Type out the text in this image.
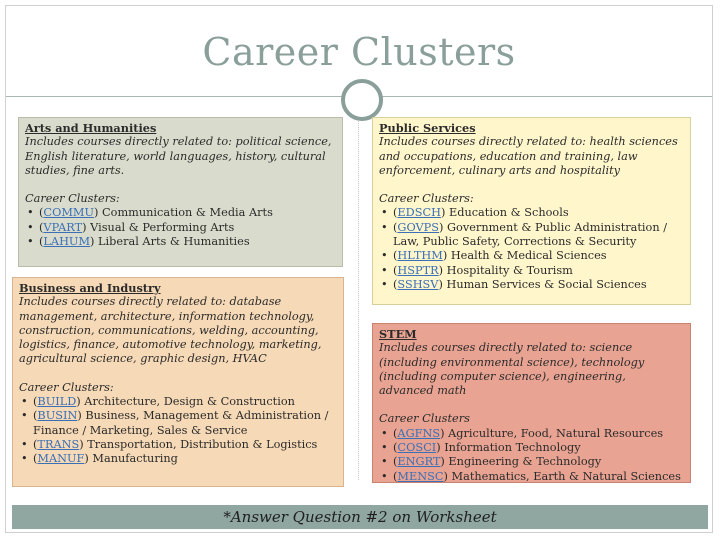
Career Clusters
Arts and Humanities
Includes courses directly related to: political science, English literature, world languages, history, cultural studies, fine arts.
Career Clusters:
• (COMMU) Communication & Media Arts
• (VPART) Visual & Performing Arts
• (LAHUM) Liberal Arts & Humanities
Business and Industry
Includes courses directly related to: database management, architecture, information technology, construction, communications, welding, accounting, logistics, finance, automotive technology, marketing, agricultural science, graphic design, HVAC
Career Clusters:
• (BUILD) Architecture, Design & Construction
• (BUSIN) Business, Management & Administration / Finance / Marketing, Sales & Service
• (TRANS) Transportation, Distribution & Logistics
• (MANUF) Manufacturing
Public Services
Includes courses directly related to: health sciences and occupations, education and training, law enforcement, culinary arts and hospitality
Career Clusters:
• (EDSCH) Education & Schools
• (GOVPS) Government & Public Administration / Law, Public Safety, Corrections & Security
• (HLTHM) Health & Medical Sciences
• (HSPTR) Hospitality & Tourism
• (SSHSV) Human Services & Social Sciences
STEM
Includes courses directly related to: science (including environmental science), technology (including computer science), engineering, advanced math
Career Clusters
• (AGFNS) Agriculture, Food, Natural Resources
• (COSCI) Information Technology
• (ENGRT) Engineering & Technology
• (MENSC) Mathematics, Earth & Natural Sciences
*Answer Question #2 on Worksheet
